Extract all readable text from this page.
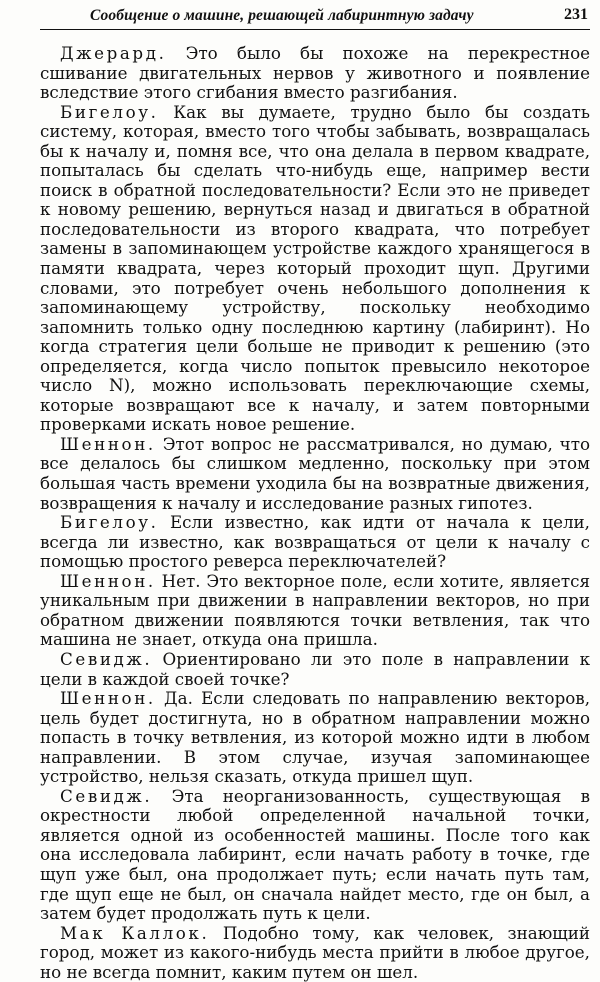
Сообщение о машине, решающей лабиринтную задачу	231

Джерард. Это было бы похоже на перекрестное сшивание двигательных нервов у животного и появление вследствие этого сгибания вместо разгибания.

Бигелоу. Как вы думаете, трудно было бы создать систему, которая, вместо того чтобы забывать, возвращалась бы к началу и, помня все, что она делала в первом квадрате, попыталась бы сделать что-нибудь еще, например вести поиск в обратной последовательности? Если это не приведет к новому решению, вернуться назад и двигаться в обратной последовательности из второго квадрата, что потребует замены в запоминающем устройстве каждого хранящегося в памяти квадрата, через который проходит щуп. Другими словами, это потребует очень небольшого дополнения к запоминающему устройству, поскольку необходимо запомнить только одну последнюю картину (лабиринт). Но когда стратегия цели больше не приводит к решению (это определяется, когда число попыток превысило некоторое число N), можно использовать переключающие схемы, которые возвращают все к началу, и затем повторными проверками искать новое решение.

Шеннон. Этот вопрос не рассматривался, но думаю, что все делалось бы слишком медленно, поскольку при этом большая часть времени уходила бы на возвратные движения, возвращения к началу и исследование разных гипотез.

Бигелоу. Если известно, как идти от начала к цели, всегда ли известно, как возвращаться от цели к началу с помощью простого реверса переключателей?

Шеннон. Нет. Это векторное поле, если хотите, является уникальным при движении в направлении векторов, но при обратном движении появляются точки ветвления, так что машина не знает, откуда она пришла.

Севидж. Ориентировано ли это поле в направлении к цели в каждой своей точке?

Шеннон. Да. Если следовать по направлению векторов, цель будет достигнута, но в обратном направлении можно попасть в точку ветвления, из которой можно идти в любом направлении. В этом случае, изучая запоминающее устройство, нельзя сказать, откуда пришел щуп.

Севидж. Эта неорганизованность, существующая в окрестности любой определенной начальной точки, является одной из особенностей машины. После того как она исследовала лабиринт, если начать работу в точке, где щуп уже был, она продолжает путь; если начать путь там, где щуп еще не был, он сначала найдет место, где он был, а затем будет продолжать путь к цели.

Мак Каллок. Подобно тому, как человек, знающий город, может из какого-нибудь места прийти в любое другое, но не всегда помнит, каким путем он шел.
